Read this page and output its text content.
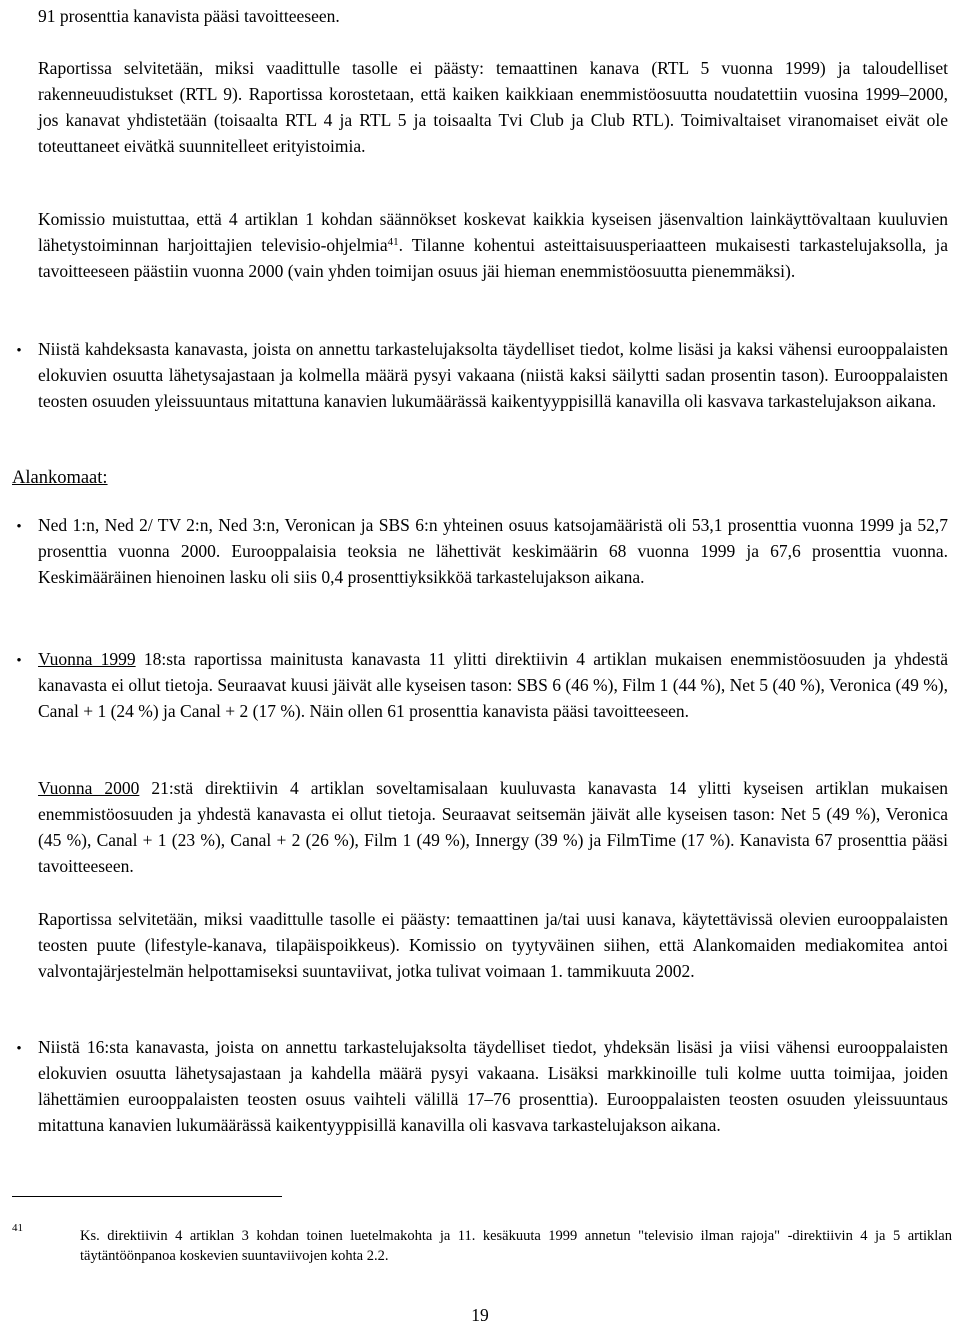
91 prosenttia kanavista pääsi tavoitteeseen.

Raportissa selvitetään, miksi vaadittulle tasolle ei päästy: temaattinen kanava (RTL 5 vuonna 1999) ja taloudelliset rakenneuudistukset (RTL 9). Raportissa korostetaan, että kaiken kaikkiaan enemmistöosuutta noudatettiin vuosina 1999–2000, jos kanavat yhdistetään (toisaalta RTL 4 ja RTL 5 ja toisaalta Tvi Club ja Club RTL). Toimivaltaiset viranomaiset eivät ole toteuttaneet eivätkä suunnitelleet erityistoimia.

Komissio muistuttaa, että 4 artiklan 1 kohdan säännökset koskevat kaikkia kyseisen jäsenvaltion lainkäyttövaltaan kuuluvien lähetystoiminnan harjoittajien televisio-ohjelmia$^{41}$. Tilanne kohentui asteittaisuusperiaatteen mukaisesti tarkastelujaksolla, ja tavoitteeseen päästiin vuonna 2000 (vain yhden toimijan osuus jäi hieman enemmistöosuutta pienemmäksi).

• Niistä kahdeksasta kanavasta, joista on annettu tarkastelujaksolta täydelliset tiedot, kolme lisäsi ja kaksi vähensi eurooppalaisten elokuvien osuutta lähetysajastaan ja kolmella määrä pysyi vakaana (niistä kaksi säilytti sadan prosentin tason). Eurooppalaisten teosten osuuden yleissuuntaus mitattuna kanavien lukumäärässä kaikentyyppisillä kanavilla oli kasvava tarkastelujakson aikana.

Alankomaat:
• Ned 1:n, Ned 2/ TV 2:n, Ned 3:n, Veronican ja SBS 6:n yhteinen osuus katsojamääristä oli 53,1 prosenttia vuonna 1999 ja 52,7 prosenttia vuonna 2000. Eurooppalaisia teoksia ne lähettivät keskimäärin 68 vuonna 1999 ja 67,6 prosenttia vuonna. Keskimääräinen hienoinen lasku oli siis 0,4 prosenttiyksikköä tarkastelujakson aikana.

• Vuonna 1999 18:sta raportissa mainitusta kanavasta 11 ylitti direktiivin 4 artiklan mukaisen enemmistöosuuden ja yhdestä kanavasta ei ollut tietoja. Seuraavat kuusi jäivät alle kyseisen tason: SBS 6 (46 %), Film 1 (44 %), Net 5 (40 %), Veronica (49 %), Canal + 1 (24 %) ja Canal + 2 (17 %). Näin ollen 61 prosenttia kanavista pääsi tavoitteeseen.

Vuonna 2000 21:stä direktiivin 4 artiklan soveltamisalaan kuuluvasta kanavasta 14 ylitti kyseisen artiklan mukaisen enemmistöosuuden ja yhdestä kanavasta ei ollut tietoja. Seuraavat seitsemän jäivät alle kyseisen tason: Net 5 (49 %), Veronica (45 %), Canal + 1 (23 %), Canal + 2 (26 %), Film 1 (49 %), Innergy (39 %) ja FilmTime (17 %). Kanavista 67 prosenttia pääsi tavoitteeseen.

Raportissa selvitetään, miksi vaadittulle tasolle ei päästy: temaattinen ja/tai uusi kanava, käytettävissä olevien eurooppalaisten teosten puute (lifestyle-kanava, tilapäispoikkeus). Komissio on tyytyväinen siihen, että Alankomaiden mediakomitea antoi valvontajärjestelmän helpottamiseksi suuntaviivat, jotka tulivat voimaan 1. tammikuuta 2002.

• Niistä 16:sta kanavasta, joista on annettu tarkastelujaksolta täydelliset tiedot, yhdeksän lisäsi ja viisi vähensi eurooppalaisten elokuvien osuutta lähetysajastaan ja kahdella määrä pysyi vakaana. Lisäksi markkinoille tuli kolme uutta toimijaa, joiden lähettämien eurooppalaisten teosten osuus vaihteli välillä 17–76 prosenttia). Eurooppalaisten teosten osuuden yleissuuntaus mitattuna kanavien lukumäärässä kaikentyyppisillä kanavilla oli kasvava tarkastelujakson aikana.

41	Ks. direktiivin 4 artiklan 3 kohdan toinen luetelmakohta ja 11. kesäkuuta 1999 annetun "televisio ilman rajoja" -direktiivin 4 ja 5 artiklan täytäntöönpanoa koskevien suuntaviivojen kohta 2.2.
19
